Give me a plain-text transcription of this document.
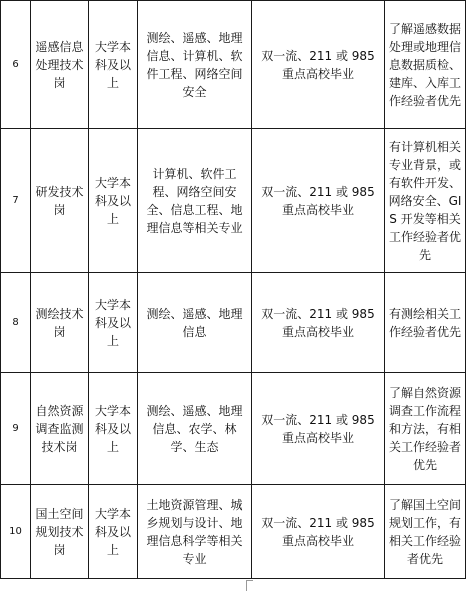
6	遥感信息处理技术岗	大学本科及以上	测绘、遥感、地理信息、计算机、软件工程、网络空间安全	双一流、211 或 985 重点高校毕业	了解遥感数据处理或地理信息数据质检、建库、入库工作经验者优先
7	研发技术岗	大学本科及以上	计算机、软件工程、网络空间安全、信息工程、地理信息等相关专业	双一流、211 或 985 重点高校毕业	有计算机相关专业背景，或有软件开发、网络安全、GIS 开发等相关工作经验者优先
8	测绘技术岗	大学本科及以上	测绘、遥感、地理信息	双一流、211 或 985 重点高校毕业	有测绘相关工作经验者优先
9	自然资源调查监测技术岗	大学本科及以上	测绘、遥感、地理信息、农学、林学、生态	双一流、211 或 985 重点高校毕业	了解自然资源调查工作流程和方法，有相关工作经验者优先
10	国土空间规划技术岗	大学本科及以上	土地资源管理、城乡规划与设计、地理信息科学等相关专业	双一流、211 或 985 重点高校毕业	了解国土空间规划工作，有相关工作经验者优先
